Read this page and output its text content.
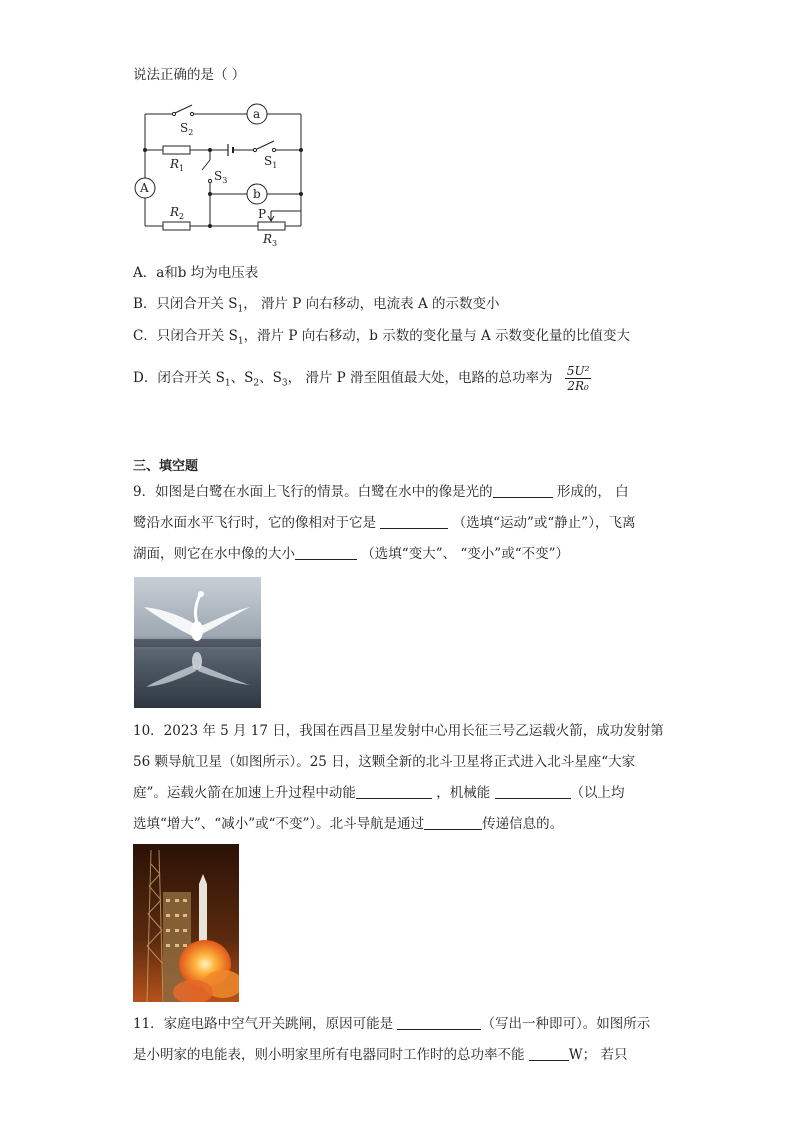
说法正确的是（ ）
a
b
A
$S_2$
$S_1$
$S_3$
$R_1$
$R_2$
$R_3$
P
A．a和b 均为电压表
B．只闭合开关 $S_1$， 滑片 P 向右移动，电流表 A 的示数变小
C．只闭合开关 $S_1$，滑片 P 向右移动，b 示数的变化量与 A 示数变化量的比值变大
D．闭合开关 $S_1$、$S_2$、$S_3$， 滑片 P 滑至阻值最大处，电路的总功率为 $\frac{\text{5U²}}{\text{2R₀}}$
三、填空题
9．如图是白鹭在水面上飞行的情景。白鹭在水中的像是光的	形成的， 白
鹭沿水面水平飞行时，它的像相对于它是	（选填“运动”或“静止”），飞离
湖面，则它在水中像的大小	（选填“变大”、 “变小”或“不变”）
10．2023 年 5 月 17 日，我国在西昌卫星发射中心用长征三号乙运载火箭，成功发射第
56 颗导航卫星（如图所示）。25 日，这颗全新的北斗卫星将正式进入北斗星座“大家
庭”。运载火箭在加速上升过程中动能	，机械能	（以上均
选填“增大”、“减小”或“不变”）。北斗导航是通过	传递信息的。
11．家庭电路中空气开关跳闸，原因可能是	（写出一种即可）。如图所示
是小明家的电能表，则小明家里所有电器同时工作时的总功率不能	W； 若只
